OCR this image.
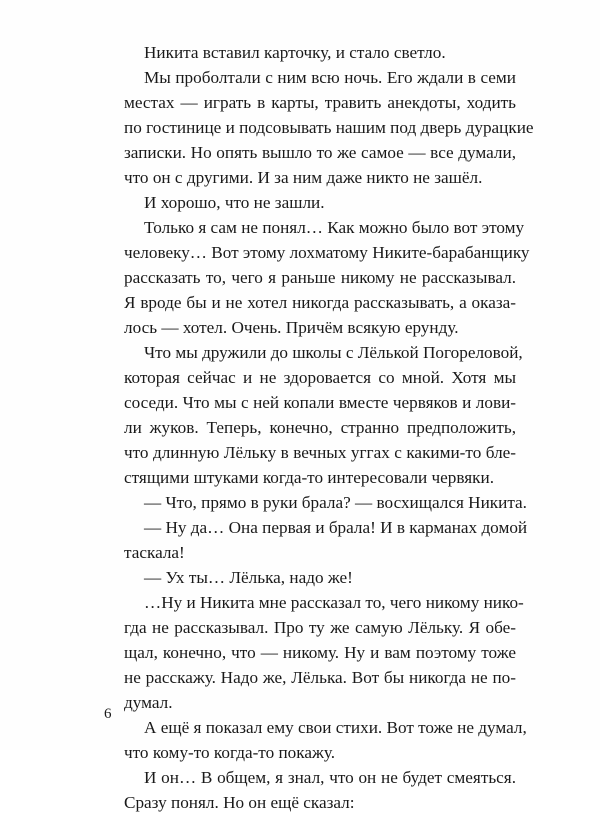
Никита вставил карточку, и стало светло.
Мы проболтали с ним всю ночь. Его ждали в семи
местах — играть в карты, травить анекдоты, ходить
по гостинице и подсовывать нашим под дверь дурацкие
записки. Но опять вышло то же самое — все думали,
что он с другими. И за ним даже никто не зашёл.
И хорошо, что не зашли.
Только я сам не понял… Как можно было вот этому
человеку… Вот этому лохматому Никите-барабанщику
рассказать то, чего я раньше никому не рассказывал.
Я вроде бы и не хотел никогда рассказывать, а оказа-
лось — хотел. Очень. Причём всякую ерунду.
Что мы дружили до школы с Лёлькой Погореловой,
которая сейчас и не здоровается со мной. Хотя мы
соседи. Что мы с ней копали вместе червяков и лови-
ли жуков. Теперь, конечно, странно предположить,
что длинную Лёльку в вечных уггах с какими-то бле-
стящими штуками когда-то интересовали червяки.
— Что, прямо в руки брала? — восхищался Никита.
— Ну да… Она первая и брала! И в карманах домой
таскала!
— Ух ты… Лёлька, надо же!
…Ну и Никита мне рассказал то, чего никому нико-
гда не рассказывал. Про ту же самую Лёльку. Я обе-
щал, конечно, что — никому. Ну и вам поэтому тоже
не расскажу. Надо же, Лёлька. Вот бы никогда не по-
думал.
А ещё я показал ему свои стихи. Вот тоже не думал,
что кому-то когда-то покажу.
И он… В общем, я знал, что он не будет смеяться.
Сразу понял. Но он ещё сказал:
6
